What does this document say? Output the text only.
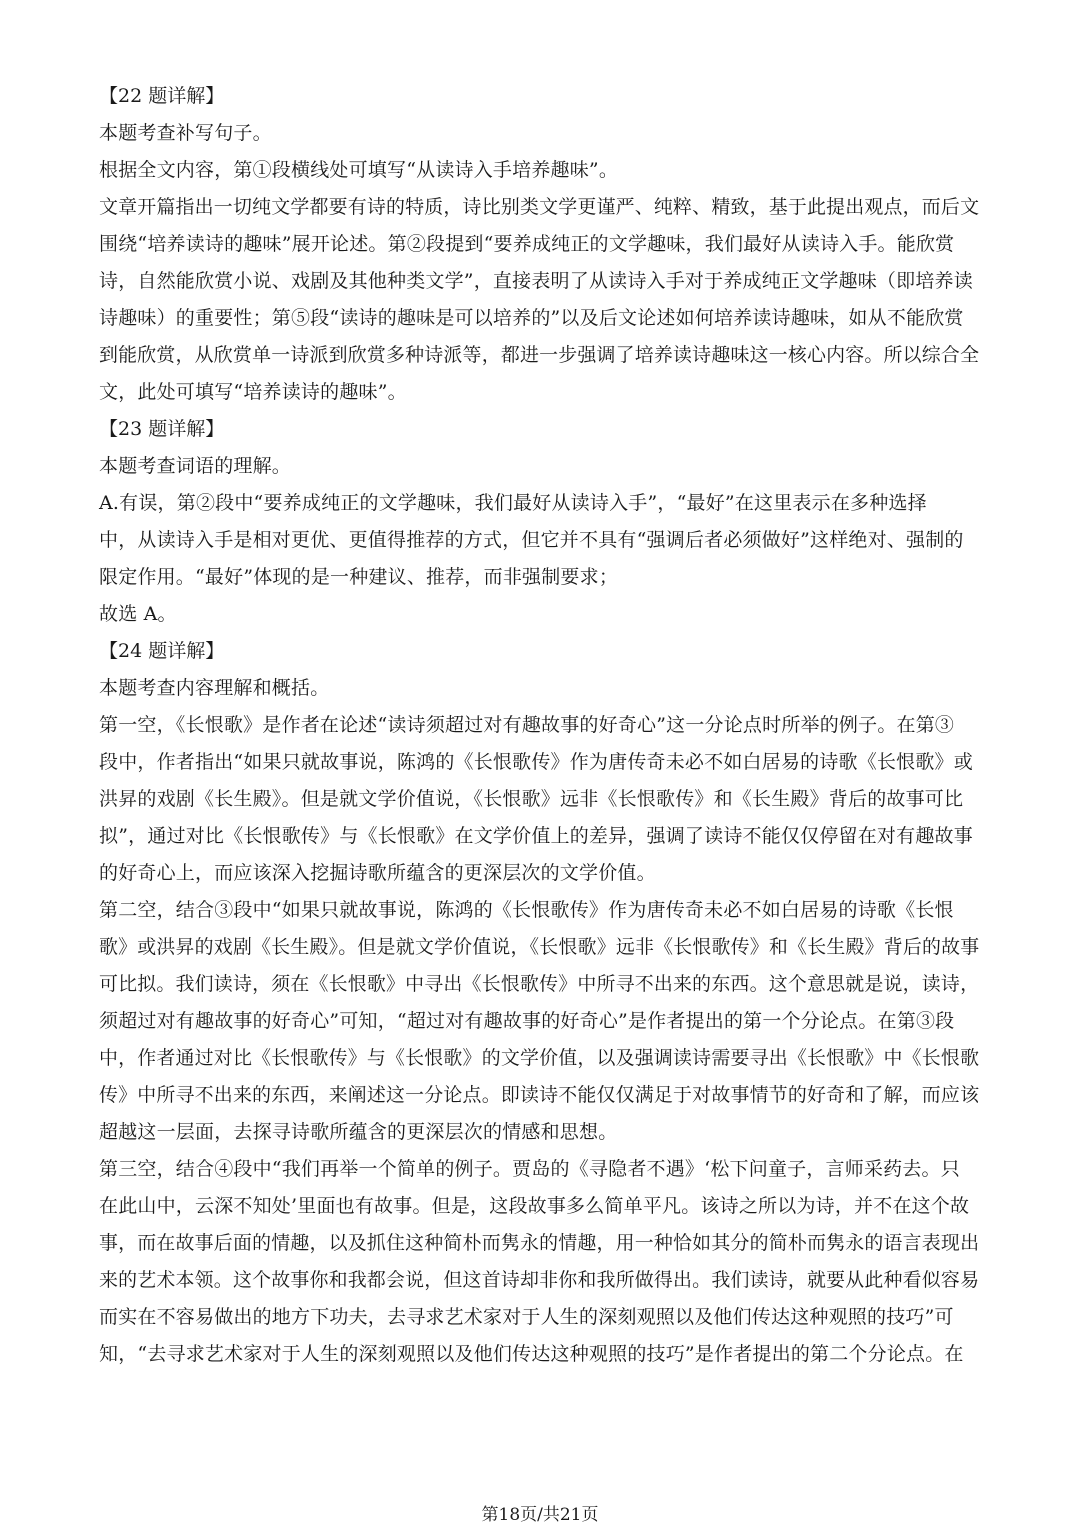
【22 题详解】
本题考查补写句子。
根据全文内容，第①段横线处可填写“从读诗入手培养趣味”。
文章开篇指出一切纯文学都要有诗的特质，诗比别类文学更谨严、纯粹、精致，基于此提出观点，而后文
围绕“培养读诗的趣味”展开论述。第②段提到“要养成纯正的文学趣味，我们最好从读诗入手。能欣赏
诗，自然能欣赏小说、戏剧及其他种类文学”，直接表明了从读诗入手对于养成纯正文学趣味（即培养读
诗趣味）的重要性；第⑤段“读诗的趣味是可以培养的”以及后文论述如何培养读诗趣味，如从不能欣赏
到能欣赏，从欣赏单一诗派到欣赏多种诗派等，都进一步强调了培养读诗趣味这一核心内容。所以综合全
文，此处可填写“培养读诗的趣味”。
【23 题详解】
本题考查词语的理解。
A.有误，第②段中“要养成纯正的文学趣味，我们最好从读诗入手”，“最好”在这里表示在多种选择
中，从读诗入手是相对更优、更值得推荐的方式，但它并不具有“强调后者必须做好”这样绝对、强制的
限定作用。“最好”体现的是一种建议、推荐，而非强制要求；
故选 A。
【24 题详解】
本题考查内容理解和概括。
第一空，《长恨歌》是作者在论述“读诗须超过对有趣故事的好奇心”这一分论点时所举的例子。在第③
段中，作者指出“如果只就故事说，陈鸿的《长恨歌传》作为唐传奇未必不如白居易的诗歌《长恨歌》或
洪昇的戏剧《长生殿》。但是就文学价值说，《长恨歌》远非《长恨歌传》和《长生殿》背后的故事可比
拟”，通过对比《长恨歌传》与《长恨歌》在文学价值上的差异，强调了读诗不能仅仅停留在对有趣故事
的好奇心上，而应该深入挖掘诗歌所蕴含的更深层次的文学价值。
第二空，结合③段中“如果只就故事说，陈鸿的《长恨歌传》作为唐传奇未必不如白居易的诗歌《长恨
歌》或洪昇的戏剧《长生殿》。但是就文学价值说，《长恨歌》远非《长恨歌传》和《长生殿》背后的故事
可比拟。我们读诗，须在《长恨歌》中寻出《长恨歌传》中所寻不出来的东西。这个意思就是说，读诗，
须超过对有趣故事的好奇心”可知，“超过对有趣故事的好奇心”是作者提出的第一个分论点。在第③段
中，作者通过对比《长恨歌传》与《长恨歌》的文学价值，以及强调读诗需要寻出《长恨歌》中《长恨歌
传》中所寻不出来的东西，来阐述这一分论点。即读诗不能仅仅满足于对故事情节的好奇和了解，而应该
超越这一层面，去探寻诗歌所蕴含的更深层次的情感和思想。
第三空，结合④段中“我们再举一个简单的例子。贾岛的《寻隐者不遇》‘松下问童子，言师采药去。只
在此山中，云深不知处’里面也有故事。但是，这段故事多么简单平凡。该诗之所以为诗，并不在这个故
事，而在故事后面的情趣，以及抓住这种简朴而隽永的情趣，用一种恰如其分的简朴而隽永的语言表现出
来的艺术本领。这个故事你和我都会说，但这首诗却非你和我所做得出。我们读诗，就要从此种看似容易
而实在不容易做出的地方下功夫，去寻求艺术家对于人生的深刻观照以及他们传达这种观照的技巧”可
知，“去寻求艺术家对于人生的深刻观照以及他们传达这种观照的技巧”是作者提出的第二个分论点。在
第18页/共21页
